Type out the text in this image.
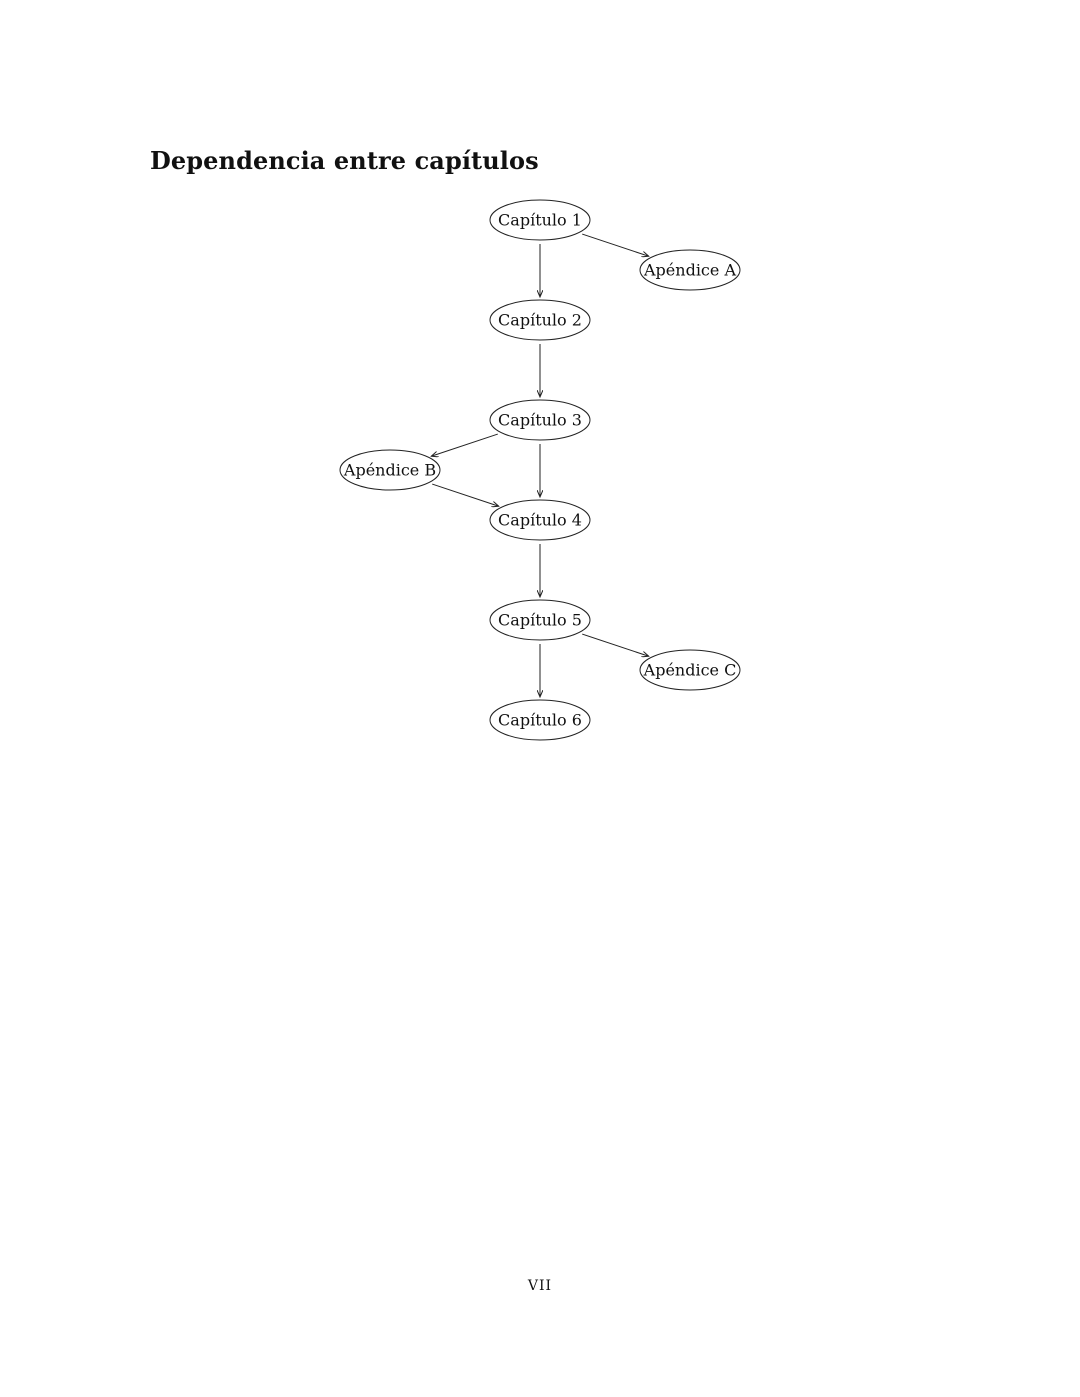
Dependencia entre capítulos
Capítulo 1
Apéndice A
Capítulo 2
Capítulo 3
Apéndice B
Capítulo 4
Capítulo 5
Apéndice C
Capítulo 6
VII
